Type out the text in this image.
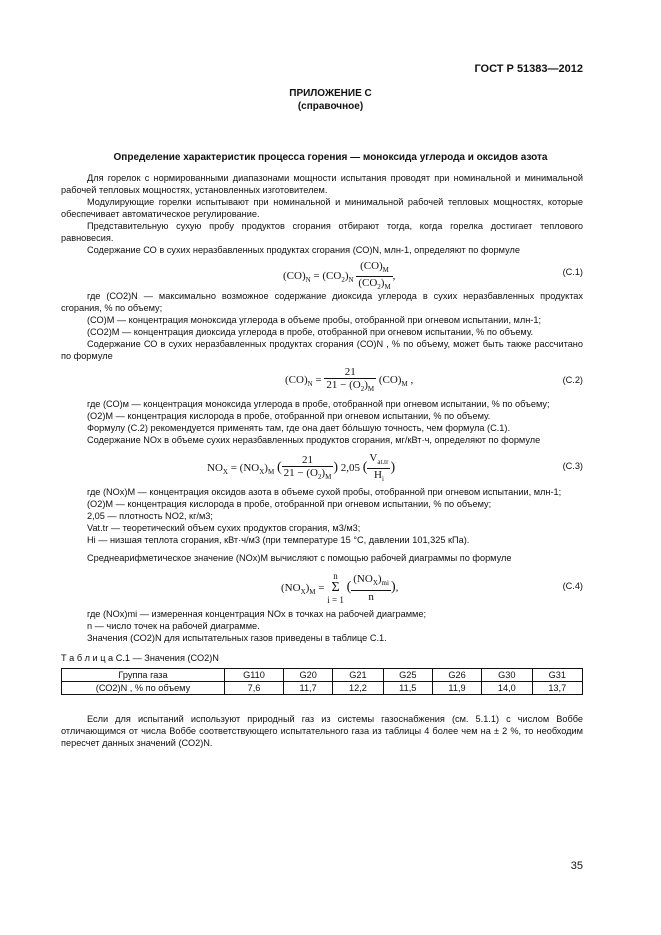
ГОСТ Р 51383—2012
ПРИЛОЖЕНИЕ С
(справочное)
Определение характеристик процесса горения — моноксида углерода и оксидов азота
Для горелок с нормированными диапазонами мощности испытания проводят при номинальной и минимальной рабочей тепловых мощностях, установленных изготовителем.
Модулирующие горелки испытывают при номинальной и минимальной рабочей тепловых мощностях, которые обеспечивает автоматическое регулирование.
Представительную сухую пробу продуктов сгорания отбирают тогда, когда горелка достигает теплового равновесия.
Содержание СО в сухих неразбавленных продуктах сгорания (СО)N, млн-1, определяют по формуле
$(CO)_N = (CO_2)_N \frac{(CO)_M}{(CO_2)_M}$ ,	(С.1)
где (СО2)N — максимально возможное содержание диоксида углерода в сухих неразбавленных продуктах сгорания, % по объему;
(СО)M — концентрация моноксида углерода в объеме пробы, отобранной при огневом испытании, млн-1;
(СО2)M — концентрация диоксида углерода в пробе, отобранной при огневом испытании, % по объему.
Содержание СО в сухих неразбавленных продуктах сгорания (СО)N , % по объему, может быть также рассчитано по формуле
$(CO)_N = \frac{21}{21 - (O_2)_M} (CO)_M$ ,	(С.2)
где (СО)м — концентрация моноксида углерода в пробе, отобранной при огневом испытании, % по объему;
(О2)M — концентрация кислорода в пробе, отобранной при огневом испытании, % по объему.
Формулу (С.2) рекомендуется применять там, где она дает бо́льшую точность, чем формула (С.1).
Содержание NOx в объеме сухих неразбавленных продуктов сгорания, мг/кВт·ч, определяют по формуле
$NO_X = (NO_X)_M$ ( $\frac{21}{21 - (O_2)_M}$ ) 2,05 ( $\frac{V_{at.tr}}{H_i}$ )	(С.3)
где (NOx)M — концентрация оксидов азота в объеме сухой пробы, отобранной при огневом испытании, млн-1;
(O2)M — концентрация кислорода в пробе, отобранной при огневом испытании, % по объему;
2,05 — плотность NO2, кг/м3;
Vat.tr — теоретический объем сухих продуктов сгорания, м3/м3;
Hi — низшая теплота сгорания, кВт·ч/м3 (при температуре 15 °С, давлении 101,325 кПа).
Среднеарифметическое значение (NOx)M вычисляют с помощью рабочей диаграммы по формуле
$(NO_X)_M$ =
n
Σ
i = 1
( $\frac{(NO_X)_{mi}}{n}$ ),	(С.4)
где (NOx)mi — измеренная концентрация NOx в точках на рабочей диаграмме;
n — число точек на рабочей диаграмме.
Значения (СО2)N для испытательных газов приведены в таблице С.1.
Т а б л и ц а С.1 — Значения (СО2)N
Группа газа	G110	G20	G21	G25	G26	G30	G31
(СО2)N , % по объему	7,6	11,7	12,2	11,5	11,9	14,0	13,7
Если для испытаний используют природный газ из системы газоснабжения (см. 5.1.1) с числом Воббе отличающимся от числа Воббе соответствующего испытательного газа из таблицы 4 более чем на ± 2 %, то необходим пересчет данных значений (СО2)N.
35
